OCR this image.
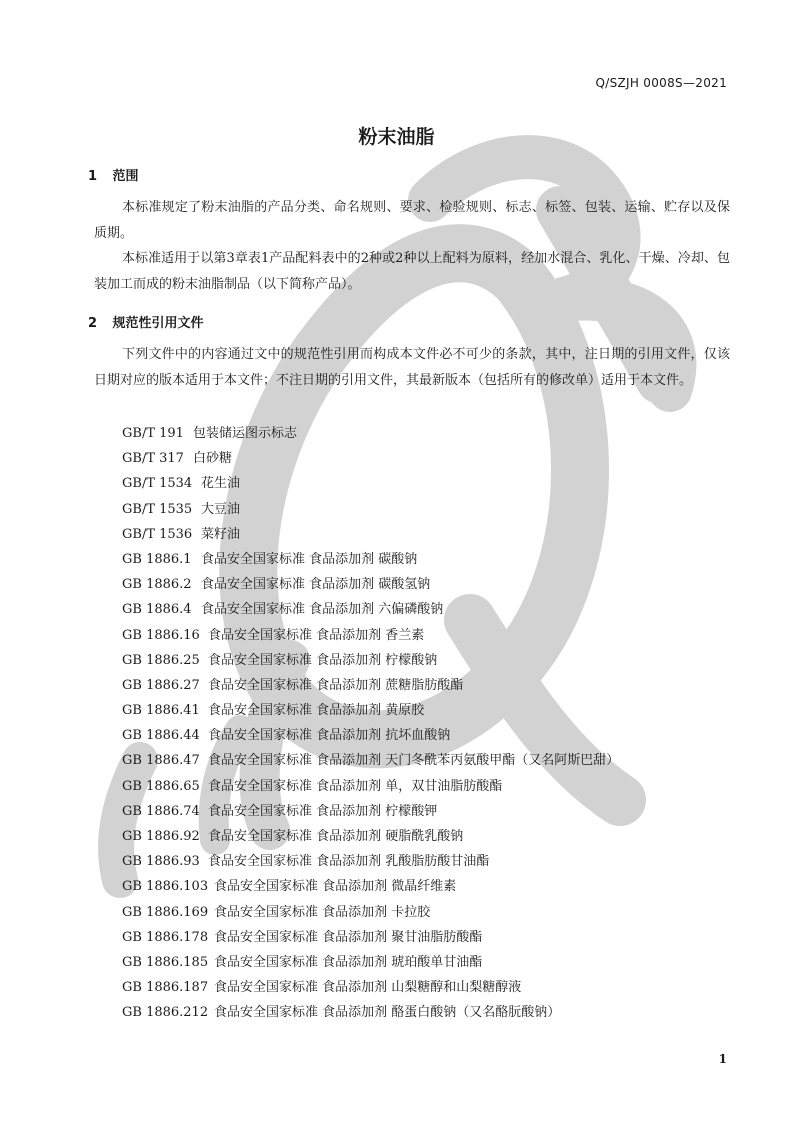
Q/SZJH 0008S—2021
粉末油脂
1 范围
本标准规定了粉末油脂的产品分类、命名规则、要求、检验规则、标志、标签、包装、运输、贮存以及保质期。
本标准适用于以第3章表1产品配料表中的2种或2种以上配料为原料，经加水混合、乳化、干燥、冷却、包装加工而成的粉末油脂制品（以下简称产品）。
2 规范性引用文件
下列文件中的内容通过文中的规范性引用而构成本文件必不可少的条款，其中，注日期的引用文件，仅该日期对应的版本适用于本文件；不注日期的引用文件，其最新版本（包括所有的修改单）适用于本文件。
GB/T 191 包装储运图示标志
GB/T 317 白砂糖
GB/T 1534 花生油
GB/T 1535 大豆油
GB/T 1536 菜籽油
GB 1886.1 食品安全国家标准 食品添加剂 碳酸钠
GB 1886.2 食品安全国家标准 食品添加剂 碳酸氢钠
GB 1886.4 食品安全国家标准 食品添加剂 六偏磷酸钠
GB 1886.16 食品安全国家标准 食品添加剂 香兰素
GB 1886.25 食品安全国家标准 食品添加剂 柠檬酸钠
GB 1886.27 食品安全国家标准 食品添加剂 蔗糖脂肪酸酯
GB 1886.41 食品安全国家标准 食品添加剂 黄原胶
GB 1886.44 食品安全国家标准 食品添加剂 抗坏血酸钠
GB 1886.47 食品安全国家标准 食品添加剂 天门冬酰苯丙氨酸甲酯（又名阿斯巴甜）
GB 1886.65 食品安全国家标准 食品添加剂 单，双甘油脂肪酸酯
GB 1886.74 食品安全国家标准 食品添加剂 柠檬酸钾
GB 1886.92 食品安全国家标准 食品添加剂 硬脂酰乳酸钠
GB 1886.93 食品安全国家标准 食品添加剂 乳酸脂肪酸甘油酯
GB 1886.103 食品安全国家标准 食品添加剂 微晶纤维素
GB 1886.169 食品安全国家标准 食品添加剂 卡拉胶
GB 1886.178 食品安全国家标准 食品添加剂 聚甘油脂肪酸酯
GB 1886.185 食品安全国家标准 食品添加剂 琥珀酸单甘油酯
GB 1886.187 食品安全国家标准 食品添加剂 山梨糖醇和山梨糖醇液
GB 1886.212 食品安全国家标准 食品添加剂 酪蛋白酸钠（又名酪朊酸钠）
1
